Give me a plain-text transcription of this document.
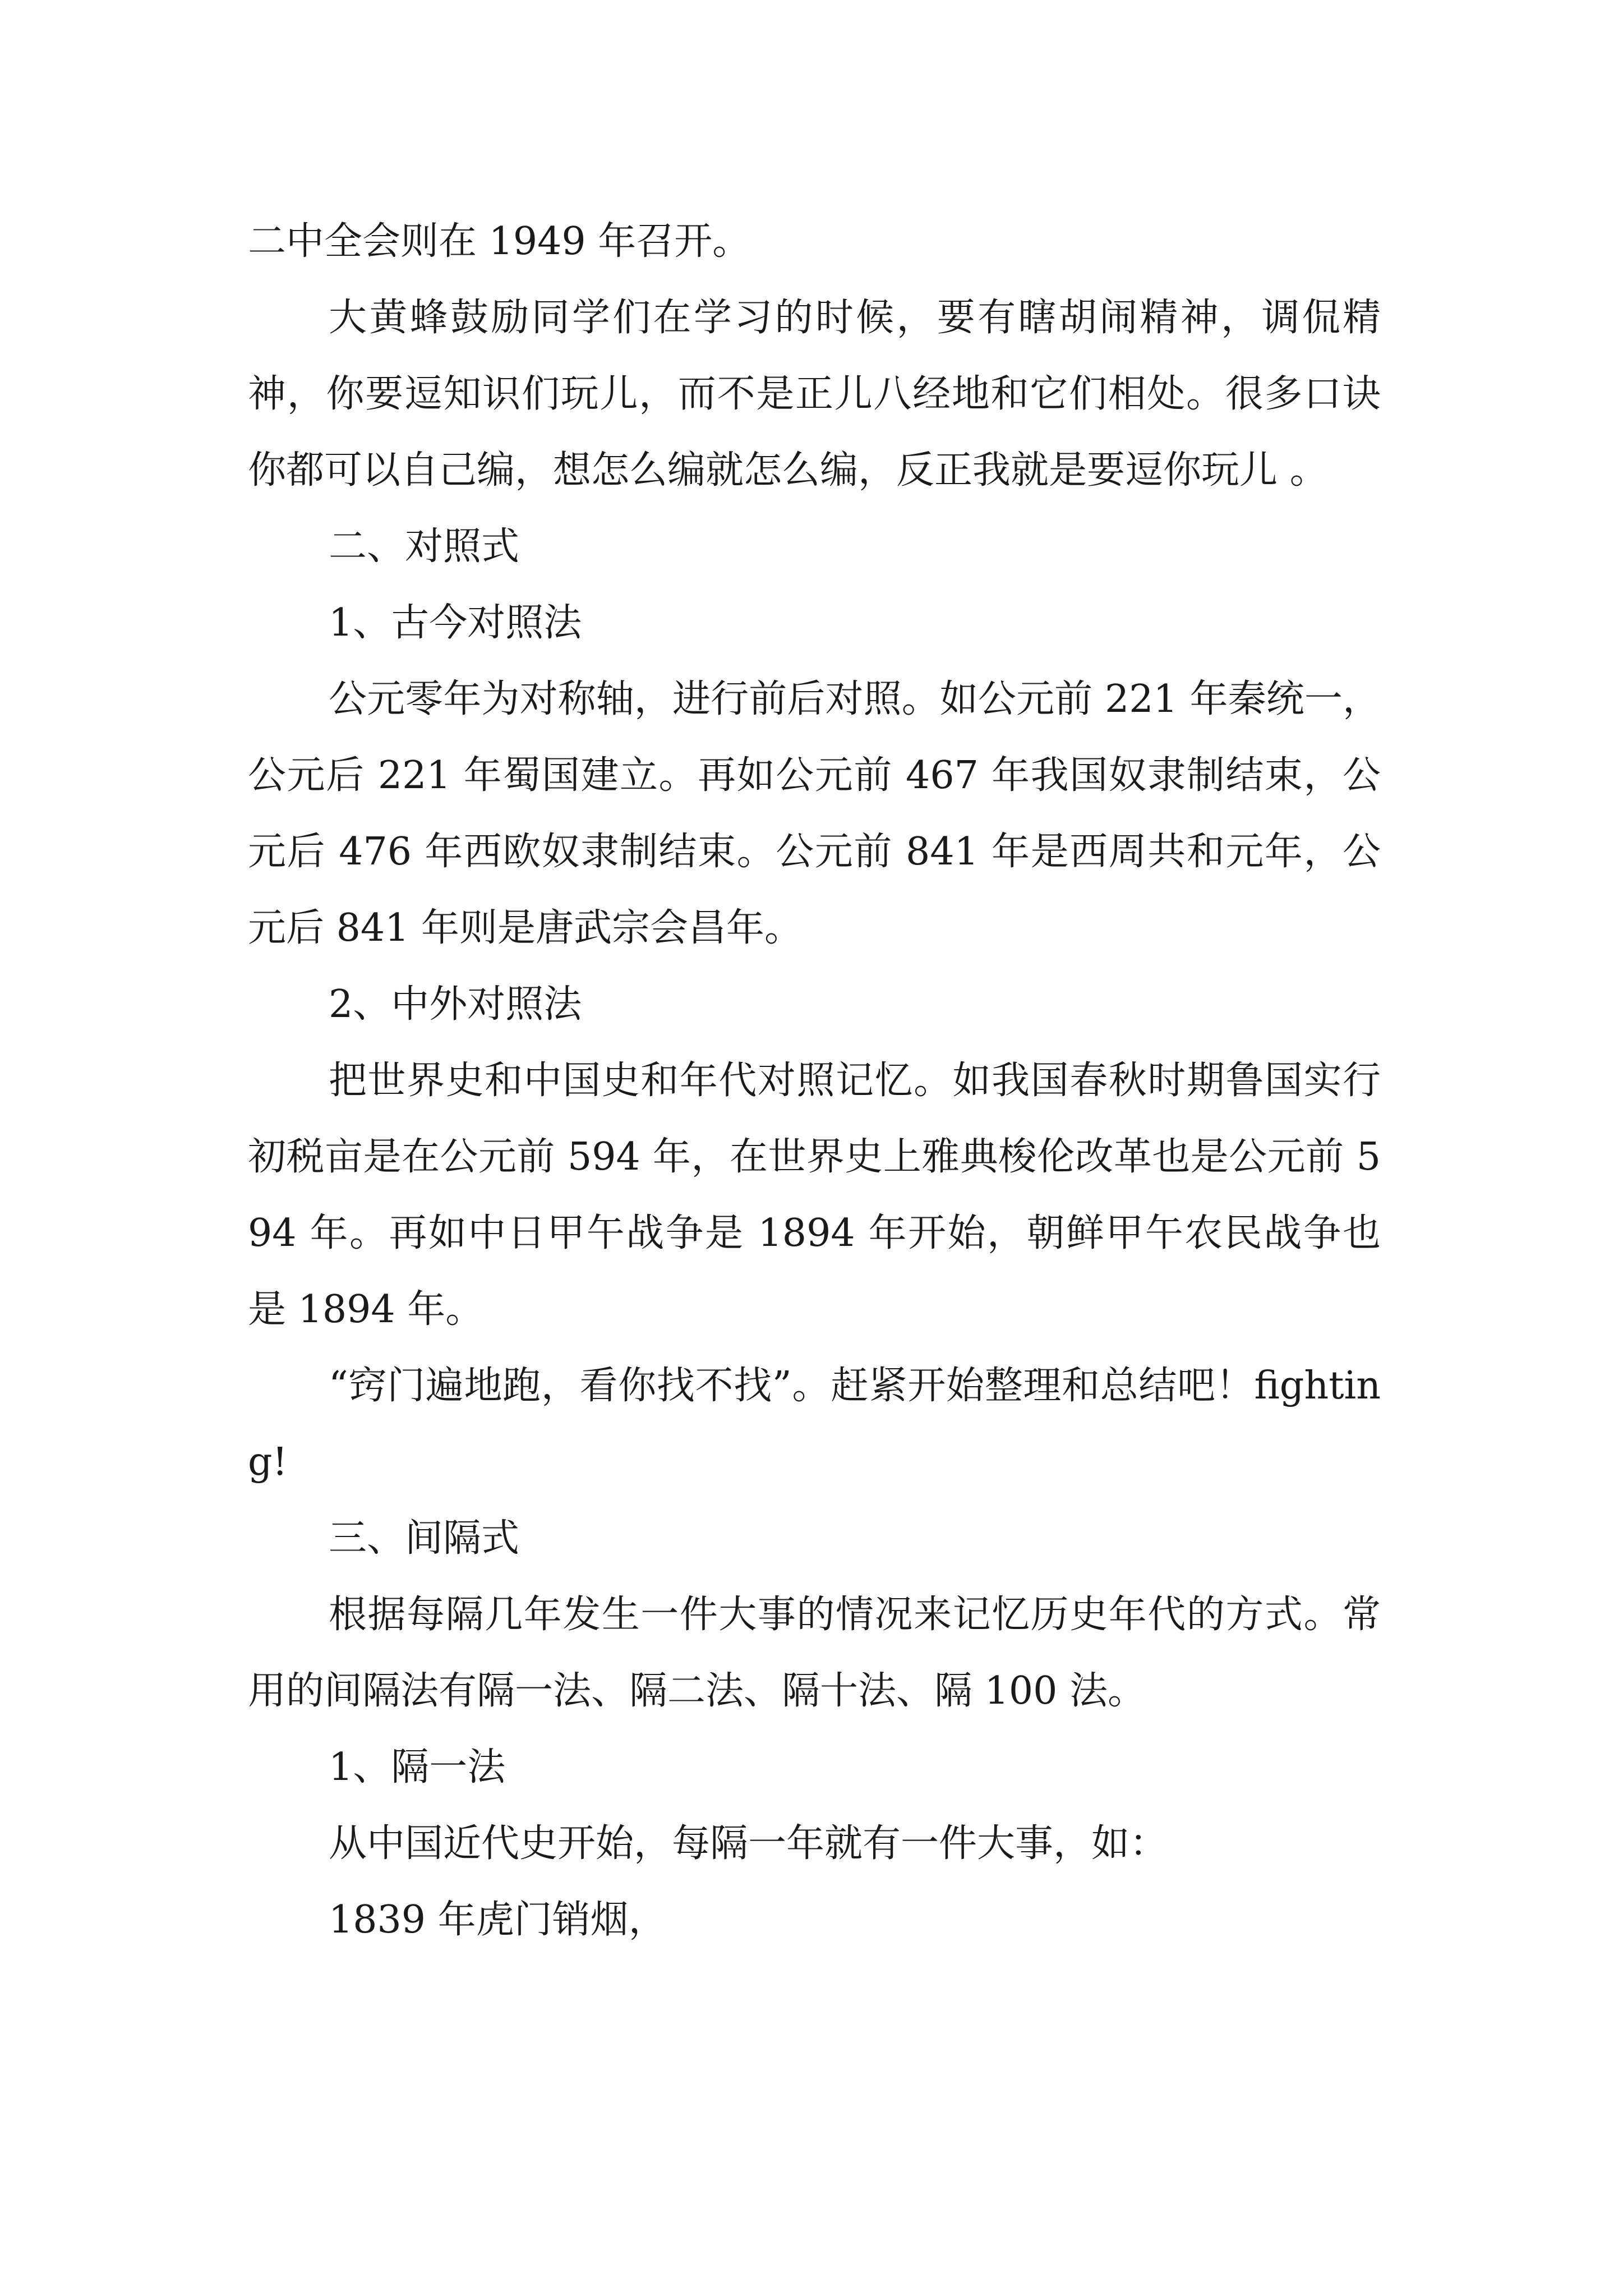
二中全会则在 1949 年召开。

大黄蜂鼓励同学们在学习的时候，要有瞎胡闹精神，调侃精神，你要逗知识们玩儿，而不是正儿八经地和它们相处。很多口诀你都可以自己编，想怎么编就怎么编，反正我就是要逗你玩儿 。

二、对照式

1、古今对照法

公元零年为对称轴，进行前后对照。如公元前 221 年秦统一，公元后 221 年蜀国建立。再如公元前 467 年我国奴隶制结束，公元后 476 年西欧奴隶制结束。公元前 841 年是西周共和元年，公元后 841 年则是唐武宗会昌年。

2、中外对照法

把世界史和中国史和年代对照记忆。如我国春秋时期鲁国实行初税亩是在公元前 594 年，在世界史上雅典梭伦改革也是公元前 594 年。再如中日甲午战争是 1894 年开始，朝鲜甲午农民战争也是 1894 年。

“窍门遍地跑，看你找不找”。赶紧开始整理和总结吧！fighting!

三、间隔式

根据每隔几年发生一件大事的情况来记忆历史年代的方式。常用的间隔法有隔一法、隔二法、隔十法、隔 100 法。

1、隔一法

从中国近代史开始，每隔一年就有一件大事，如：

1839 年虎门销烟，
